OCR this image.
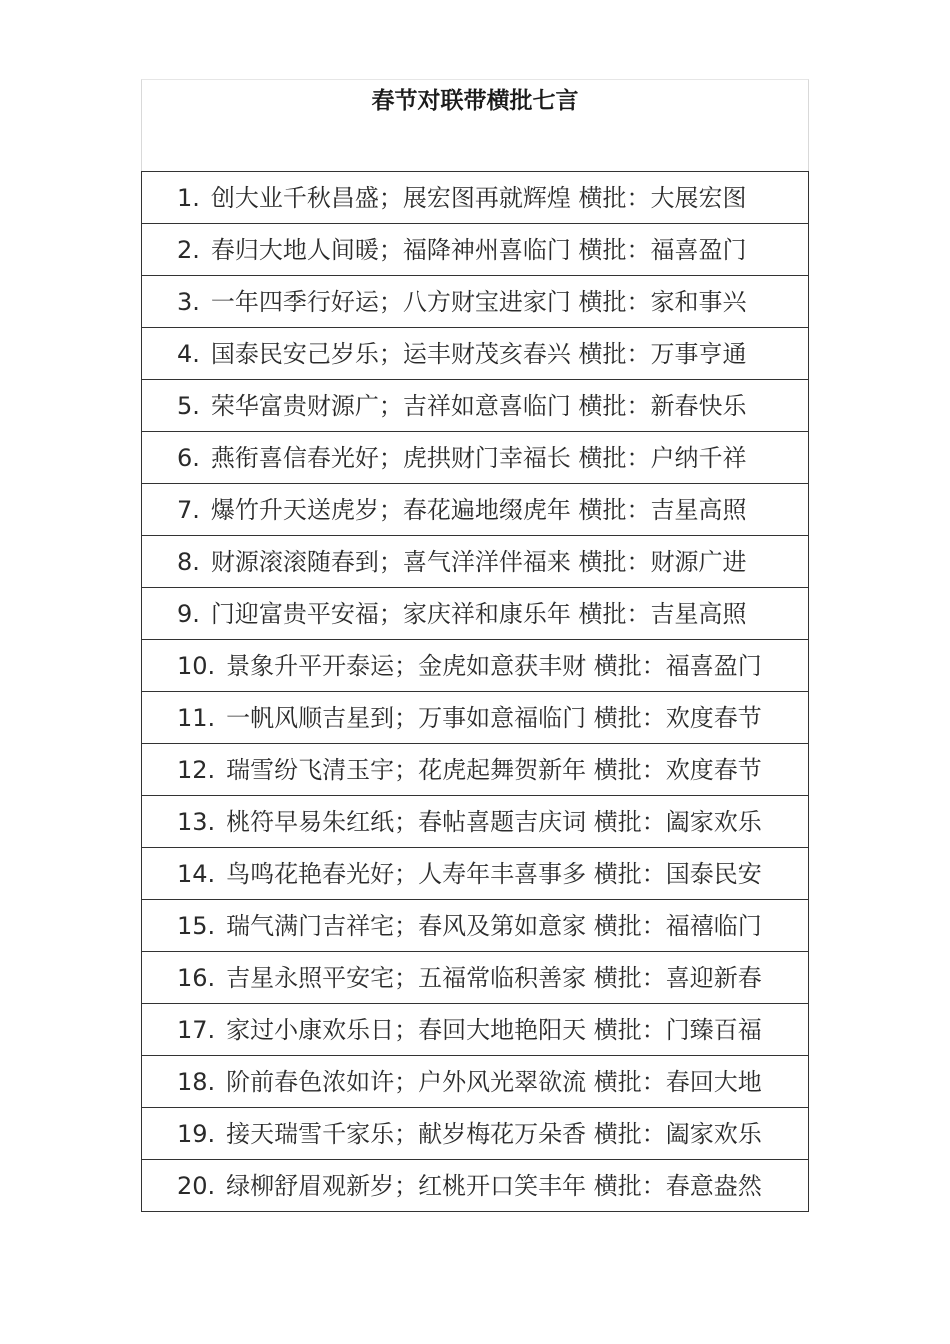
春节对联带横批七言
1. 创大业千秋昌盛；展宏图再就辉煌 横批：大展宏图
2. 春归大地人间暖；福降神州喜临门 横批：福喜盈门
3. 一年四季行好运；八方财宝进家门 横批：家和事兴
4. 国泰民安己岁乐；运丰财茂亥春兴 横批：万事亨通
5. 荣华富贵财源广；吉祥如意喜临门 横批：新春快乐
6. 燕衔喜信春光好；虎拱财门幸福长 横批：户纳千祥
7. 爆竹升天送虎岁；春花遍地缀虎年 横批：吉星高照
8. 财源滚滚随春到；喜气洋洋伴福来 横批：财源广进
9. 门迎富贵平安福；家庆祥和康乐年 横批：吉星高照
10. 景象升平开泰运；金虎如意获丰财 横批：福喜盈门
11. 一帆风顺吉星到；万事如意福临门 横批：欢度春节
12. 瑞雪纷飞清玉宇；花虎起舞贺新年 横批：欢度春节
13. 桃符早易朱红纸；春帖喜题吉庆词 横批：阖家欢乐
14. 鸟鸣花艳春光好；人寿年丰喜事多 横批：国泰民安
15. 瑞气满门吉祥宅；春风及第如意家 横批：福禧临门
16. 吉星永照平安宅；五福常临积善家 横批：喜迎新春
17. 家过小康欢乐日；春回大地艳阳天 横批：门臻百福
18. 阶前春色浓如许；户外风光翠欲流 横批：春回大地
19. 接天瑞雪千家乐；献岁梅花万朵香 横批：阖家欢乐
20. 绿柳舒眉观新岁；红桃开口笑丰年 横批：春意盎然
